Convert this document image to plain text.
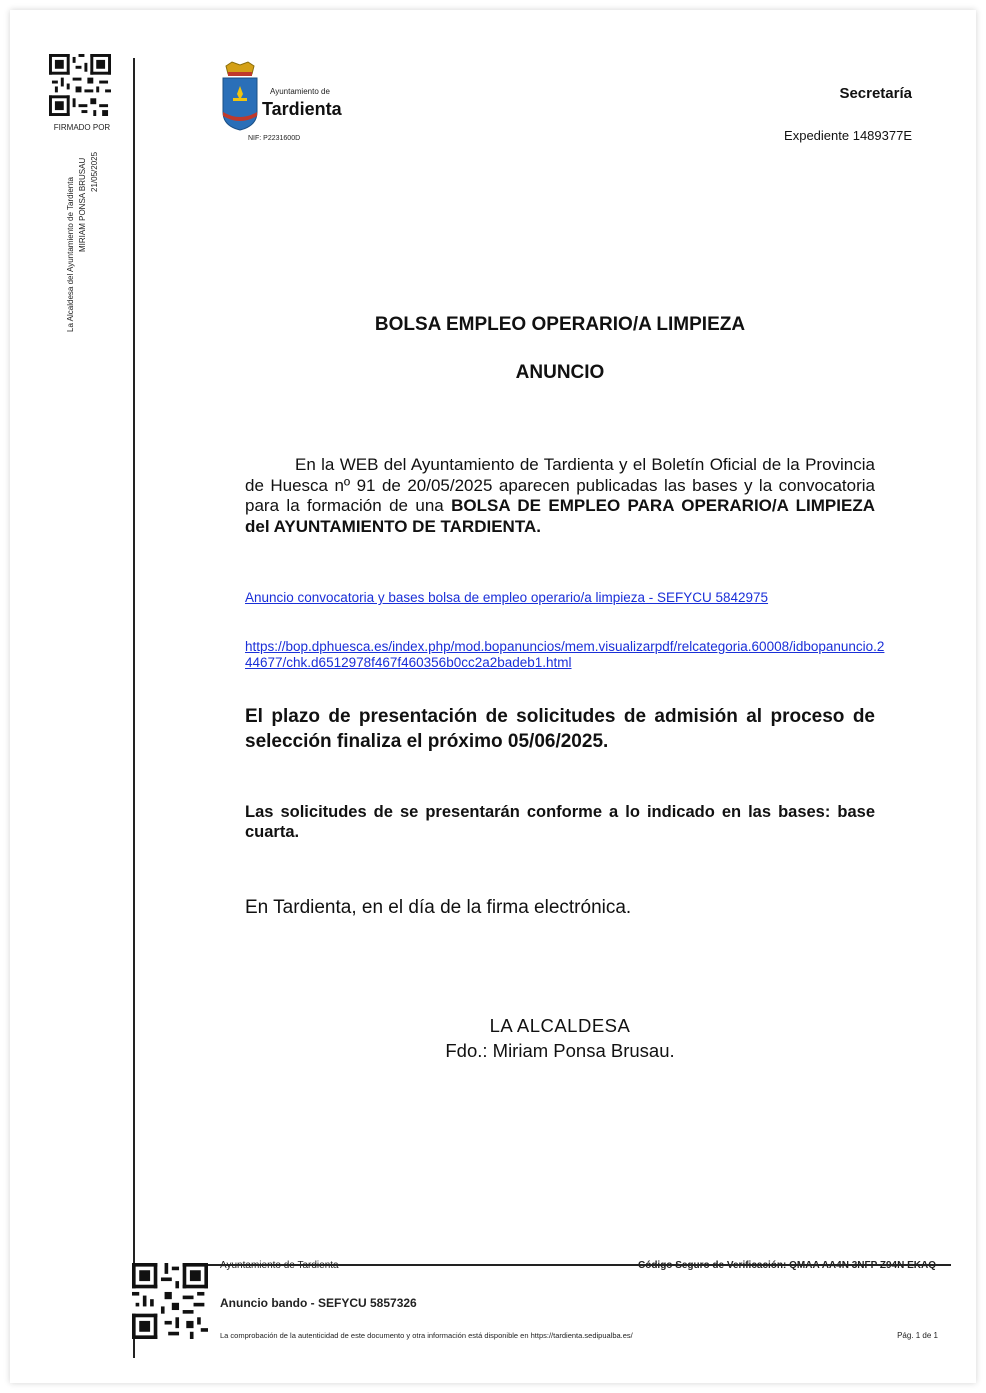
FIRMADO POR
21/05/2025
MIRIAM PONSA BRUSAU
La Alcaldesa del Ayuntamiento de Tardienta
Ayuntamiento de
Tardienta
NIF: P2231600D
Secretaría
Expediente 1489377E
BOLSA EMPLEO OPERARIO/A LIMPIEZA
ANUNCIO
En la WEB del Ayuntamiento de Tardienta y el Boletín Oficial de la Provincia de Huesca nº 91 de 20/05/2025 aparecen publicadas las bases y la convocatoria para la formación de una BOLSA DE EMPLEO PARA OPERARIO/A LIMPIEZA del AYUNTAMIENTO DE TARDIENTA.
Anuncio convocatoria y bases bolsa de empleo operario/a limpieza - SEFYCU 5842975
https://bop.dphuesca.es/index.php/mod.bopanuncios/mem.visualizarpdf/relcategoria.60008/idbopanuncio.244677/chk.d6512978f467f460356b0cc2a2badeb1.html
El plazo de presentación de solicitudes de admisión al proceso de selección finaliza el próximo 05/06/2025.
Las solicitudes de se presentarán conforme a lo indicado en las bases: base cuarta.
En Tardienta, en el día de la firma electrónica.
LA ALCALDESA
Fdo.: Miriam Ponsa Brusau.
Ayuntamiento de Tardienta	Código Seguro de Verificación: QMAA AA4N 3NFP Z94N EKAQ
Anuncio bando - SEFYCU 5857326
La comprobación de la autenticidad de este documento y otra información está disponible en https://tardienta.sedipualba.es/	Pág. 1 de 1
